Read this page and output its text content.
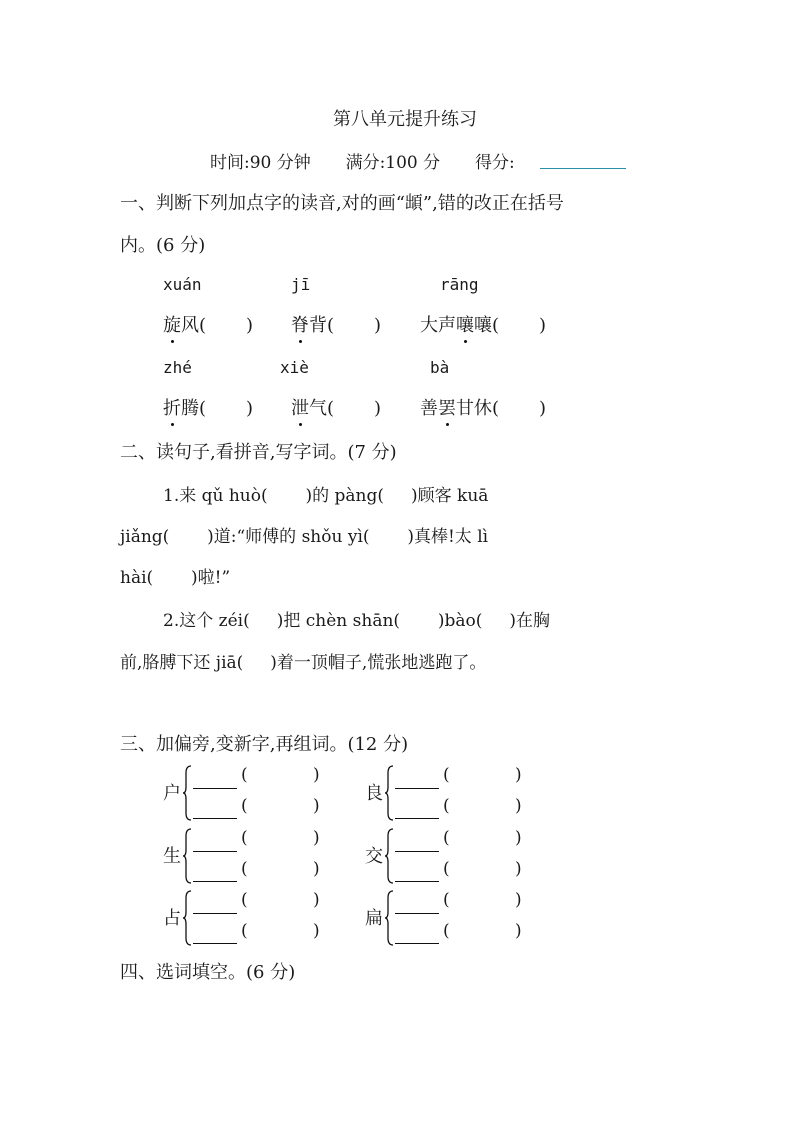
第八单元提升练习
时间:90 分钟 满分:100 分 得分:
一、判断下列加点字的读音,对的画“䪼”,错的改正在括号
内。(6 分)
xuán	jī	rāng
旋风( ) 脊背( ) 大声嚷嚷( )
zhé	xiè	bà
折腾( ) 泄气( ) 善罢甘休( )
二、读句子,看拼音,写字词。(7 分)
1.来 qǔ huò(       )的 pàng(     )顾客 kuā
jiǎng(       )道:“师傅的 shǒu yì(       )真棒!太 lì
hài(       )啦!”
2.这个 zéi(     )把 chèn shān(       )bào(     )在胸
前,胳膊下还 jiā(     )着一顶帽子,慌张地逃跑了。
三、加偏旁,变新字,再组词。(12 分)
户
(	)
(	)
良
(	)
(	)
生
(	)
(	)
交
(	)
(	)
占
(	)
(	)
扁
(	)
(	)
四、选词填空。(6 分)
